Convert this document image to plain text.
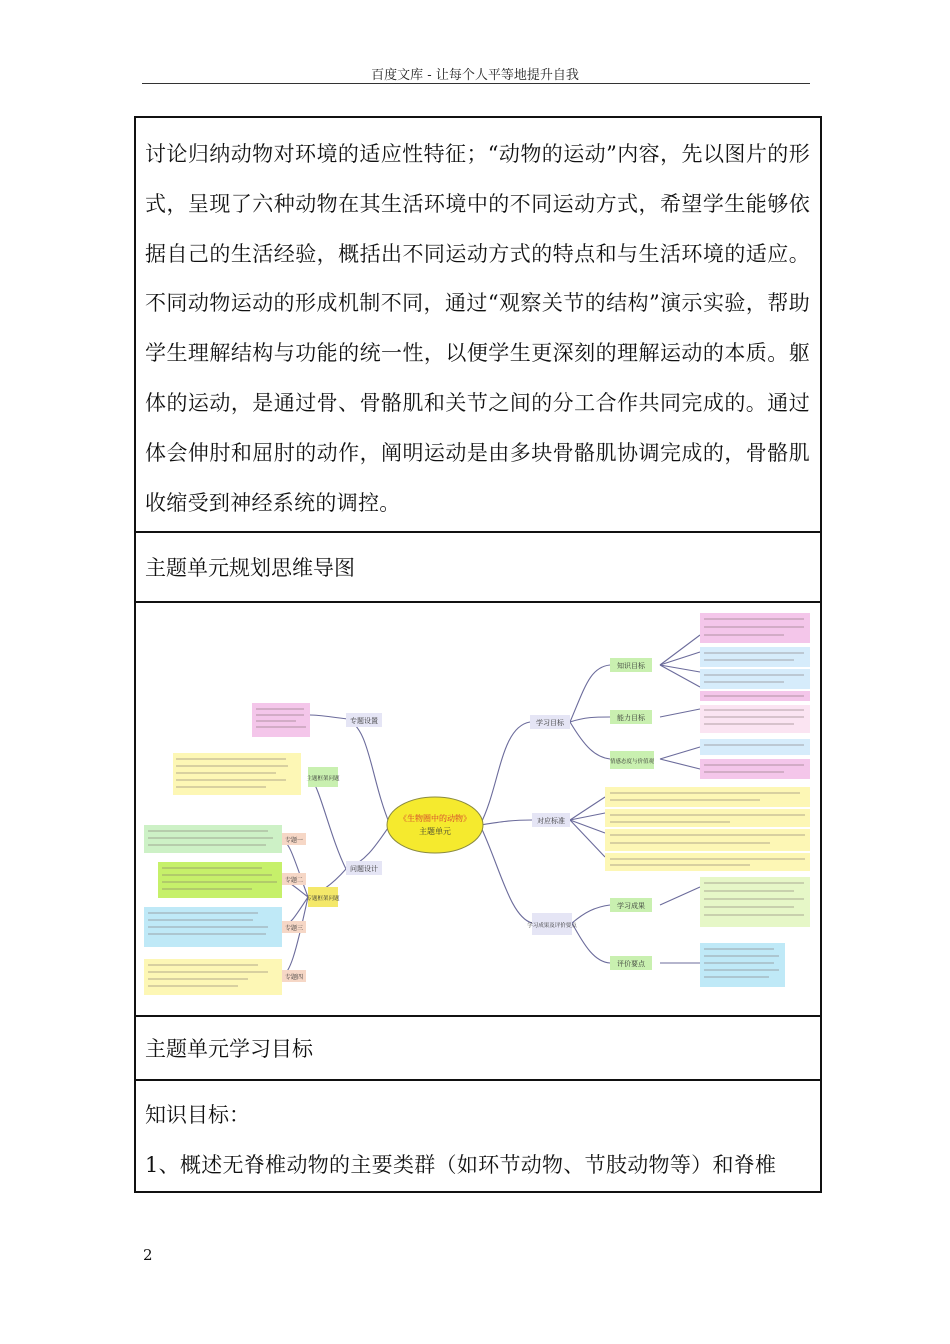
百度文库 - 让每个人平等地提升自我
讨论归纳动物对环境的适应性特征；“动物的运动”内容，先以图片的形式，呈现了六种动物在其生活环境中的不同运动方式，希望学生能够依据自己的生活经验，概括出不同运动方式的特点和与生活环境的适应。不同动物运动的形成机制不同，通过“观察关节的结构”演示实验，帮助学生理解结构与功能的统一性，以便学生更深刻的理解运动的本质。躯体的运动，是通过骨、骨骼肌和关节之间的分工合作共同完成的。通过体会伸肘和屈肘的动作，阐明运动是由多块骨骼肌协调完成的，骨骼肌收缩受到神经系统的调控。
主题单元规划思维导图
专题设置
问题设计
学习目标
对应标准
学习成果及评价要点
主题框架问题
专题框架问题
知识目标
能力目标
情感态度与价值观
学习成果
评价要点
专题一
专题二
专题三
专题四
《生物圈中的动物》
主题单元
主题单元学习目标
知识目标：
1、概述无脊椎动物的主要类群（如环节动物、节肢动物等）和脊椎
2
